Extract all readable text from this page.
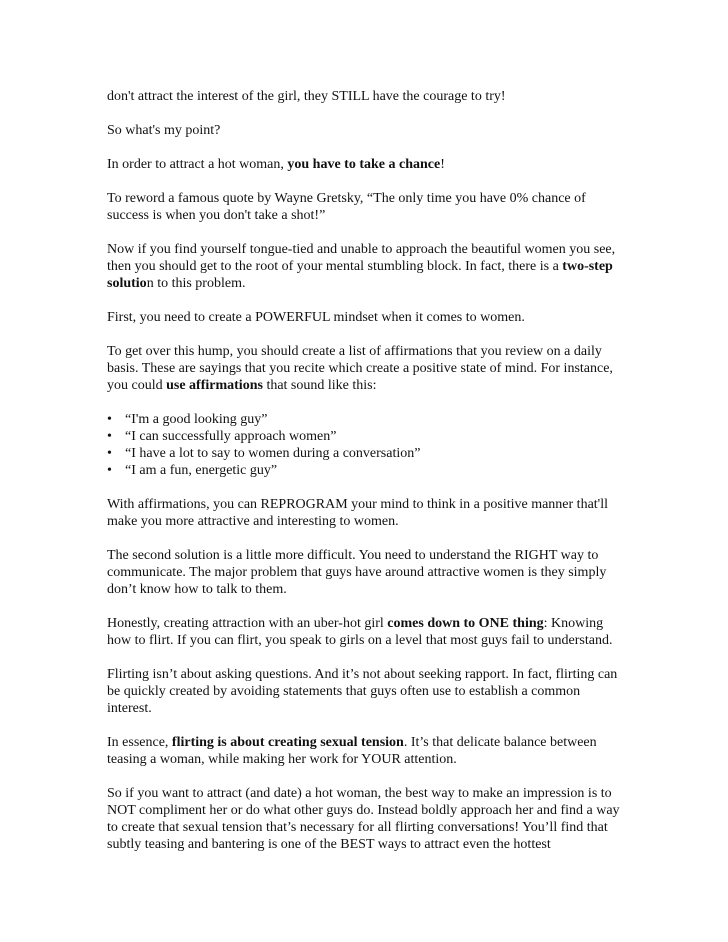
don't attract the interest of the girl, they STILL have the courage to try!

So what's my point?

In order to attract a hot woman, you have to take a chance!

To reword a famous quote by Wayne Gretsky, “The only time you have 0% chance of success is when you don't take a shot!”

Now if you find yourself tongue-tied and unable to approach the beautiful women you see, then you should get to the root of your mental stumbling block. In fact, there is a two-step solution to this problem.

First, you need to create a POWERFUL mindset when it comes to women.

To get over this hump, you should create a list of affirmations that you review on a daily basis. These are sayings that you recite which create a positive state of mind. For instance, you could use affirmations that sound like this:

• “I'm a good looking guy”
• “I can successfully approach women”
• “I have a lot to say to women during a conversation”
• “I am a fun, energetic guy”

With affirmations, you can REPROGRAM your mind to think in a positive manner that'll make you more attractive and interesting to women.

The second solution is a little more difficult. You need to understand the RIGHT way to communicate. The major problem that guys have around attractive women is they simply don’t know how to talk to them.

Honestly, creating attraction with an uber-hot girl comes down to ONE thing: Knowing how to flirt. If you can flirt, you speak to girls on a level that most guys fail to understand.

Flirting isn’t about asking questions. And it’s not about seeking rapport. In fact, flirting can be quickly created by avoiding statements that guys often use to establish a common interest.

In essence, flirting is about creating sexual tension. It’s that delicate balance between teasing a woman, while making her work for YOUR attention.

So if you want to attract (and date) a hot woman, the best way to make an impression is to NOT compliment her or do what other guys do. Instead boldly approach her and find a way to create that sexual tension that’s necessary for all flirting conversations! You’ll find that subtly teasing and bantering is one of the BEST ways to attract even the hottest
